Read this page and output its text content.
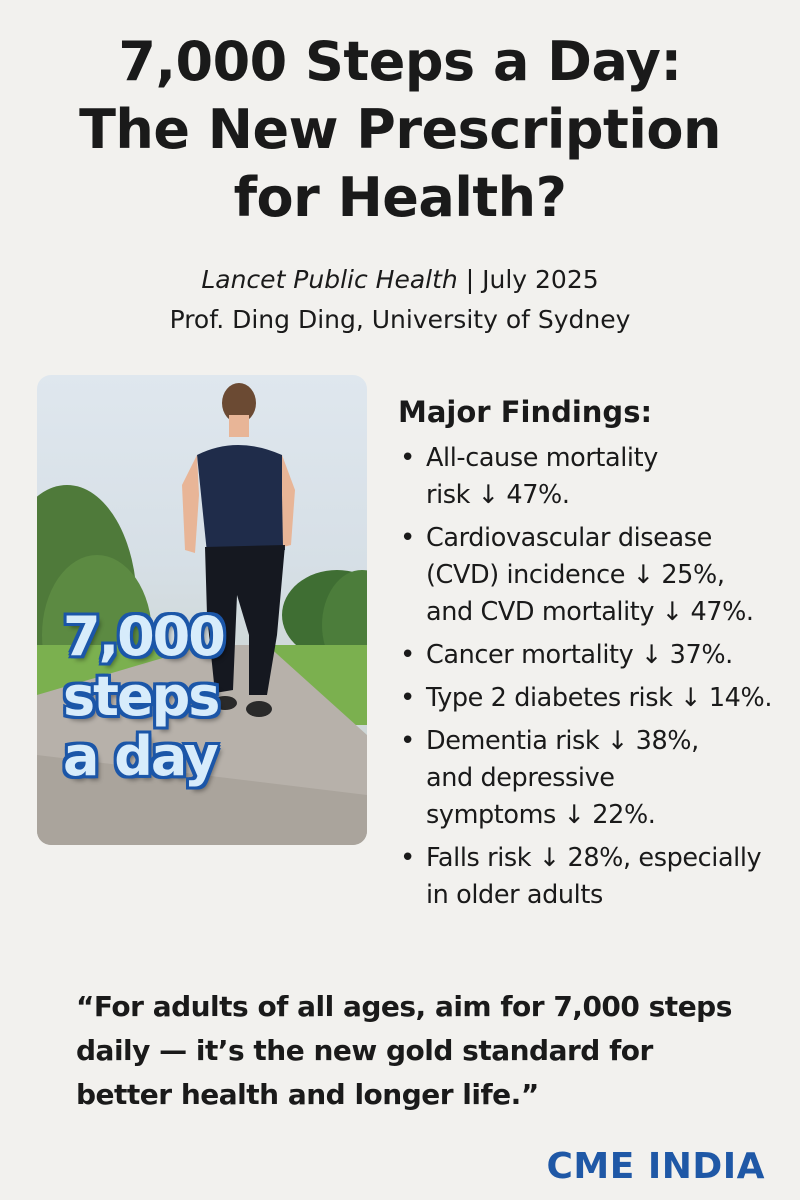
7,000 Steps a Day:
The New Prescription
for Health?
Lancet Public Health | July 2025
Prof. Ding Ding, University of Sydney
7,000
steps
a day
Major Findings:
• All-cause mortality
risk ↓ 47%.
• Cardiovascular disease
(CVD) incidence ↓ 25%,
and CVD mortality ↓ 47%.
• Cancer mortality ↓ 37%.
• Type 2 diabetes risk ↓ 14%.
• Dementia risk ↓ 38%,
and depressive
symptoms ↓ 22%.
• Falls risk ↓ 28%, especially
in older adults
“For adults of all ages, aim for 7,000 steps
daily — it’s the new gold standard for
better health and longer life.”
CME INDIA
